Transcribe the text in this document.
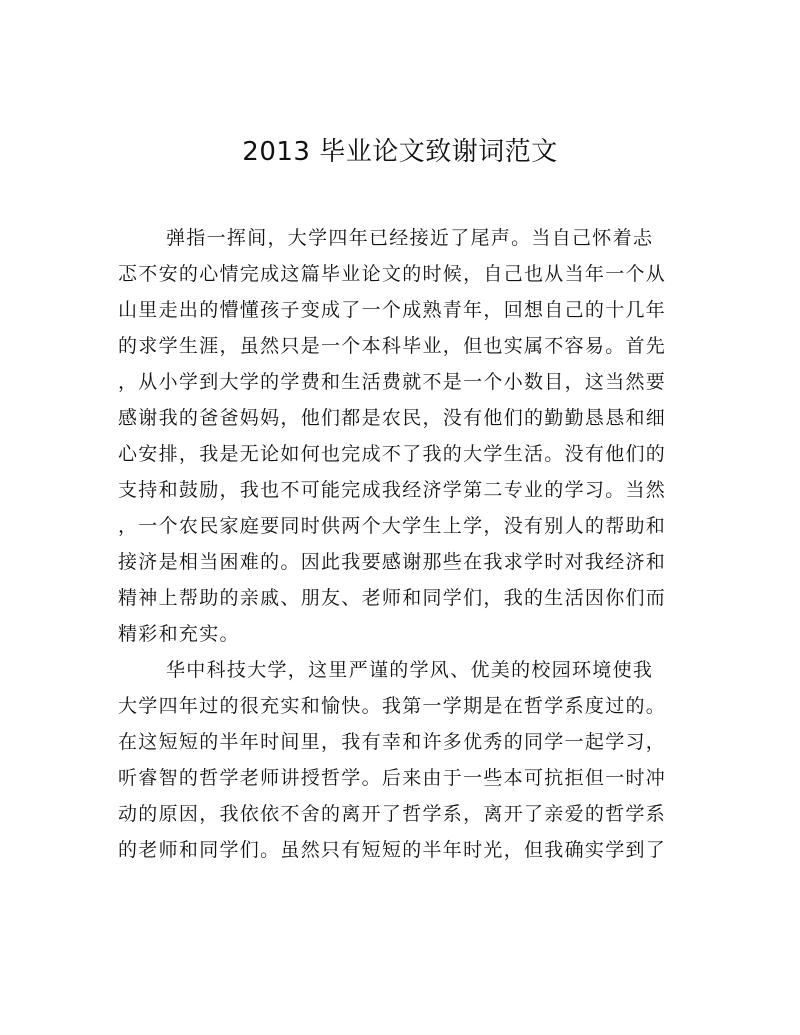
2013 毕业论文致谢词范文
弹指一挥间，大学四年已经接近了尾声。当自己怀着忐
忑不安的心情完成这篇毕业论文的时候，自己也从当年一个从
山里走出的懵懂孩子变成了一个成熟青年，回想自己的十几年
的求学生涯，虽然只是一个本科毕业，但也实属不容易。首先
，从小学到大学的学费和生活费就不是一个小数目，这当然要
感谢我的爸爸妈妈，他们都是农民，没有他们的勤勤恳恳和细
心安排，我是无论如何也完成不了我的大学生活。没有他们的
支持和鼓励，我也不可能完成我经济学第二专业的学习。当然
，一个农民家庭要同时供两个大学生上学，没有别人的帮助和
接济是相当困难的。因此我要感谢那些在我求学时对我经济和
精神上帮助的亲戚、朋友、老师和同学们，我的生活因你们而
精彩和充实。
华中科技大学，这里严谨的学风、优美的校园环境使我
大学四年过的很充实和愉快。我第一学期是在哲学系度过的。
在这短短的半年时间里，我有幸和许多优秀的同学一起学习，
听睿智的哲学老师讲授哲学。后来由于一些本可抗拒但一时冲
动的原因，我依依不舍的离开了哲学系，离开了亲爱的哲学系
的老师和同学们。虽然只有短短的半年时光，但我确实学到了
